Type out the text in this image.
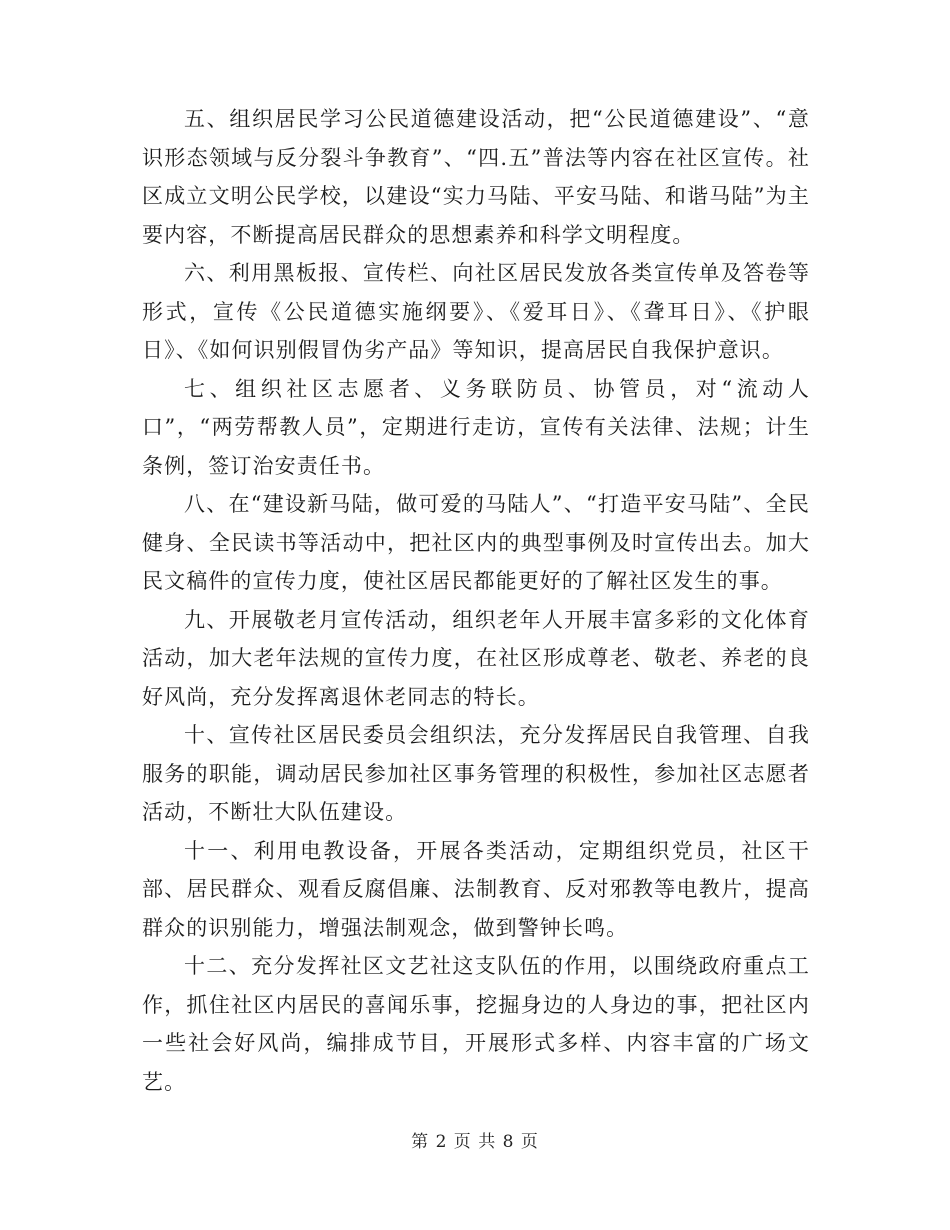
五、组织居民学习公民道德建设活动，把“公民道德建设”、“意识形态领域与反分裂斗争教育”、“四.五”普法等内容在社区宣传。社区成立文明公民学校，以建设“实力马陆、平安马陆、和谐马陆”为主要内容，不断提高居民群众的思想素养和科学文明程度。

六、利用黑板报、宣传栏、向社区居民发放各类宣传单及答卷等形式，宣传《公民道德实施纲要》、《爱耳日》、《聋耳日》、《护眼日》、《如何识别假冒伪劣产品》等知识，提高居民自我保护意识。

七、组织社区志愿者、义务联防员、协管员，对“流动人口”，“两劳帮教人员”，定期进行走访，宣传有关法律、法规；计生条例，签订治安责任书。

八、在“建设新马陆，做可爱的马陆人”、“打造平安马陆”、全民健身、全民读书等活动中，把社区内的典型事例及时宣传出去。加大民文稿件的宣传力度，使社区居民都能更好的了解社区发生的事。

九、开展敬老月宣传活动，组织老年人开展丰富多彩的文化体育活动，加大老年法规的宣传力度，在社区形成尊老、敬老、养老的良好风尚，充分发挥离退休老同志的特长。

十、宣传社区居民委员会组织法，充分发挥居民自我管理、自我服务的职能，调动居民参加社区事务管理的积极性，参加社区志愿者活动，不断壮大队伍建设。

十一、利用电教设备，开展各类活动，定期组织党员，社区干部、居民群众、观看反腐倡廉、法制教育、反对邪教等电教片，提高群众的识别能力，增强法制观念，做到警钟长鸣。

十二、充分发挥社区文艺社这支队伍的作用，以围绕政府重点工作，抓住社区内居民的喜闻乐事，挖掘身边的人身边的事，把社区内一些社会好风尚，编排成节目，开展形式多样、内容丰富的广场文艺。

第 2 页 共 8 页
